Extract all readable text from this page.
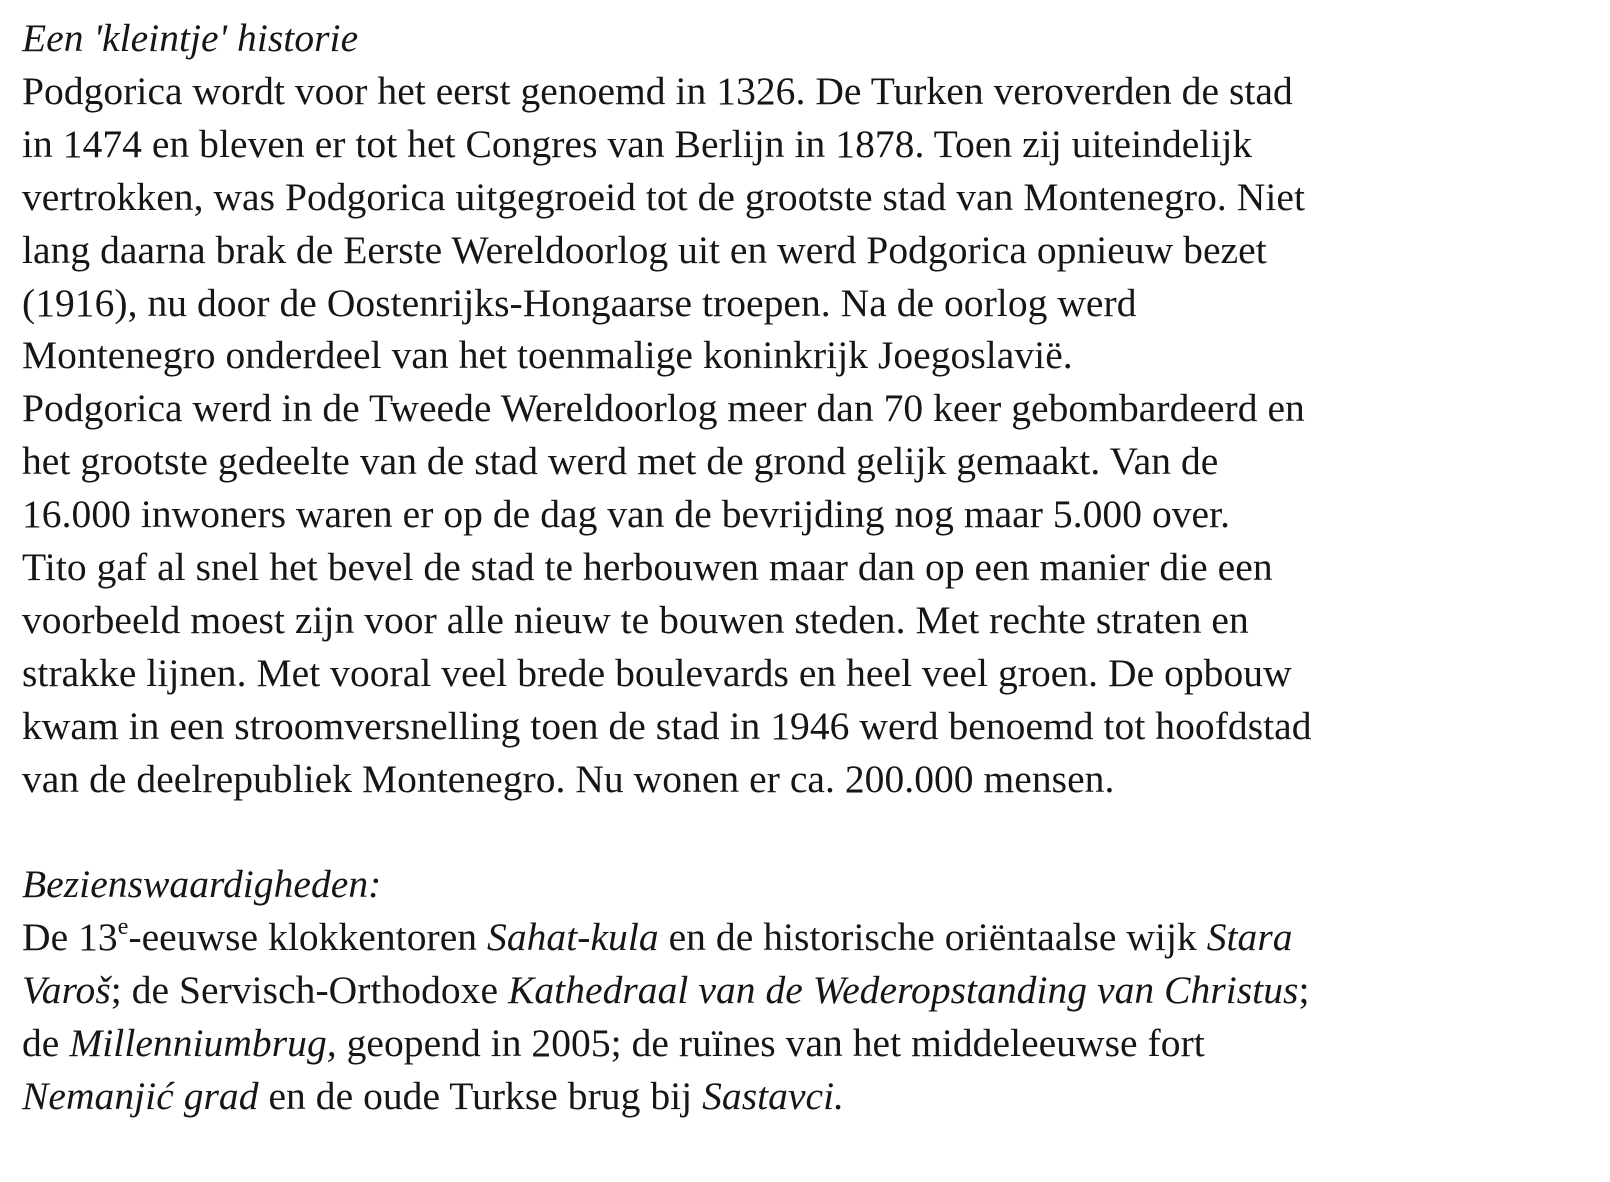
Een 'kleintje' historie

Podgorica wordt voor het eerst genoemd in 1326. De Turken veroverden de stad
in 1474 en bleven er tot het Congres van Berlijn in 1878. Toen zij uiteindelijk
vertrokken, was Podgorica uitgegroeid tot de grootste stad van Montenegro. Niet
lang daarna brak de Eerste Wereldoorlog uit en werd Podgorica opnieuw bezet
(1916), nu door de Oostenrijks-Hongaarse troepen. Na de oorlog werd
Montenegro onderdeel van het toenmalige koninkrijk Joegoslavië.
Podgorica werd in de Tweede Wereldoorlog meer dan 70 keer gebombardeerd en
het grootste gedeelte van de stad werd met de grond gelijk gemaakt. Van de
16.000 inwoners waren er op de dag van de bevrijding nog maar 5.000 over.
Tito gaf al snel het bevel de stad te herbouwen maar dan op een manier die een
voorbeeld moest zijn voor alle nieuw te bouwen steden. Met rechte straten en
strakke lijnen. Met vooral veel brede boulevards en heel veel groen. De opbouw
kwam in een stroomversnelling toen de stad in 1946 werd benoemd tot hoofdstad
van de deelrepubliek Montenegro. Nu wonen er ca. 200.000 mensen.

Bezienswaardigheden:

De 13e-eeuwse klokkentoren Sahat-kula en de historische oriëntaalse wijk Stara
Varoš; de Servisch-Orthodoxe Kathedraal van de Wederopstanding van Christus;
de Millenniumbrug, geopend in 2005; de ruïnes van het middeleeuwse fort
Nemanjić grad en de oude Turkse brug bij Sastavci.
